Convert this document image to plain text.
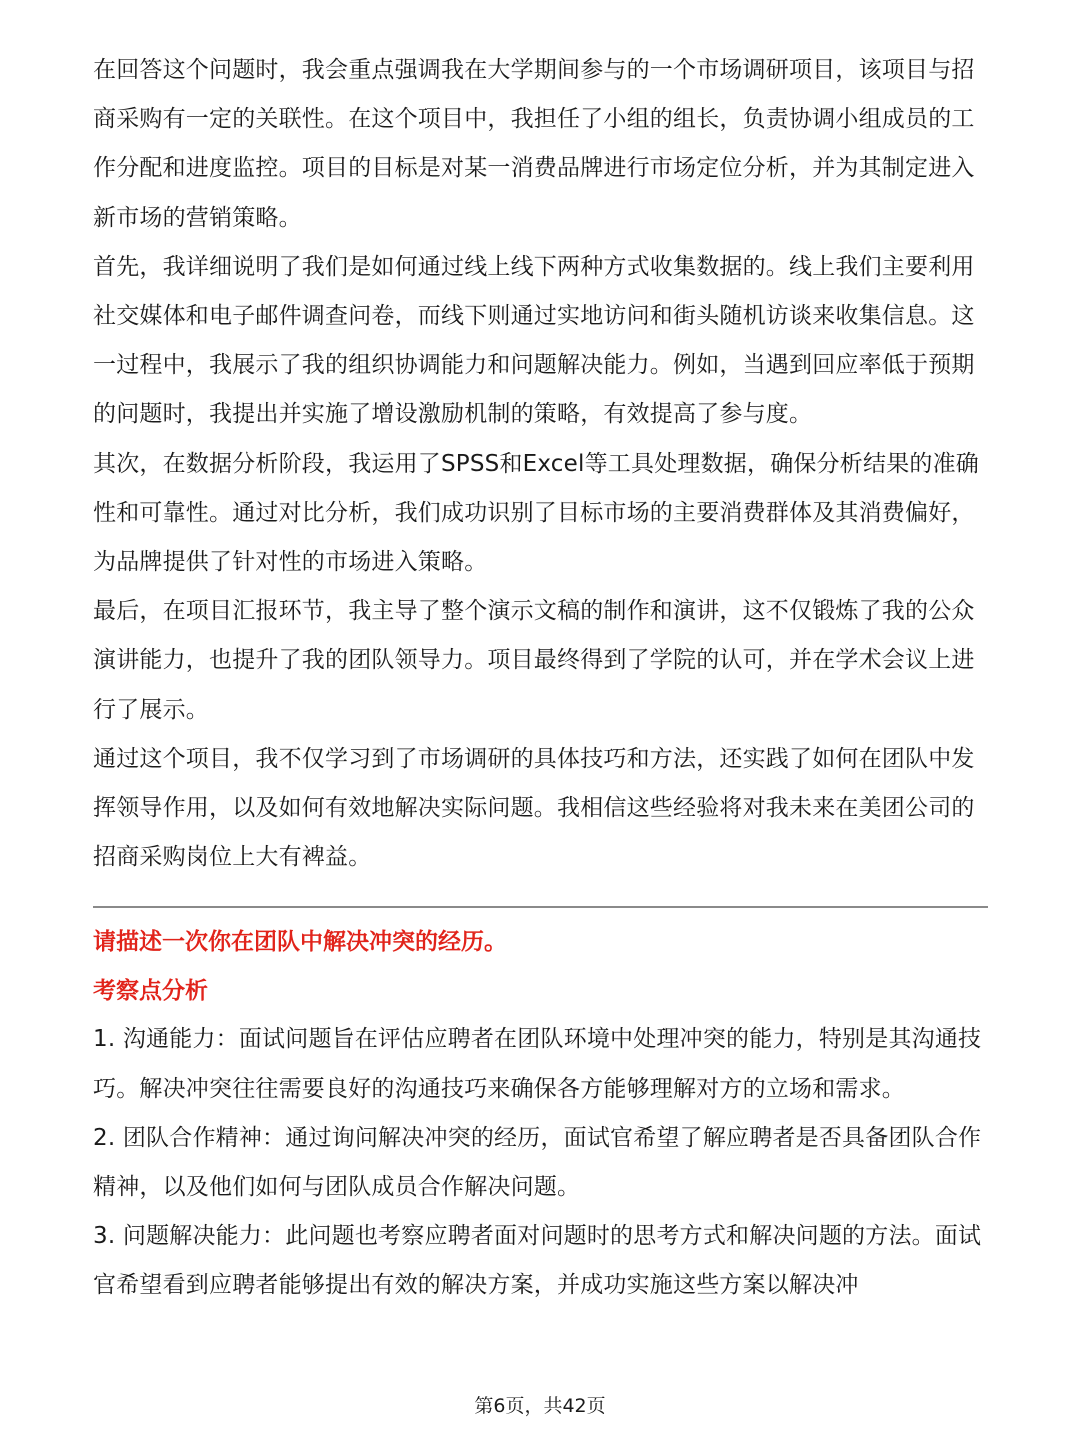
在回答这个问题时，我会重点强调我在大学期间参与的一个市场调研项目，该项目与招商采购有一定的关联性。在这个项目中，我担任了小组的组长，负责协调小组成员的工作分配和进度监控。项目的目标是对某一消费品牌进行市场定位分析，并为其制定进入新市场的营销策略。

首先，我详细说明了我们是如何通过线上线下两种方式收集数据的。线上我们主要利用社交媒体和电子邮件调查问卷，而线下则通过实地访问和街头随机访谈来收集信息。这一过程中，我展示了我的组织协调能力和问题解决能力。例如，当遇到回应率低于预期的问题时，我提出并实施了增设激励机制的策略，有效提高了参与度。

其次，在数据分析阶段，我运用了SPSS和Excel等工具处理数据，确保分析结果的准确性和可靠性。通过对比分析，我们成功识别了目标市场的主要消费群体及其消费偏好，为品牌提供了针对性的市场进入策略。

最后，在项目汇报环节，我主导了整个演示文稿的制作和演讲，这不仅锻炼了我的公众演讲能力，也提升了我的团队领导力。项目最终得到了学院的认可，并在学术会议上进行了展示。

通过这个项目，我不仅学习到了市场调研的具体技巧和方法，还实践了如何在团队中发挥领导作用，以及如何有效地解决实际问题。我相信这些经验将对我未来在美团公司的招商采购岗位上大有裨益。

请描述一次你在团队中解决冲突的经历。

考察点分析

1. 沟通能力：面试问题旨在评估应聘者在团队环境中处理冲突的能力，特别是其沟通技巧。解决冲突往往需要良好的沟通技巧来确保各方能够理解对方的立场和需求。

2. 团队合作精神：通过询问解决冲突的经历，面试官希望了解应聘者是否具备团队合作精神，以及他们如何与团队成员合作解决问题。

3. 问题解决能力：此问题也考察应聘者面对问题时的思考方式和解决问题的方法。面试官希望看到应聘者能够提出有效的解决方案，并成功实施这些方案以解决冲

第6页，共42页
